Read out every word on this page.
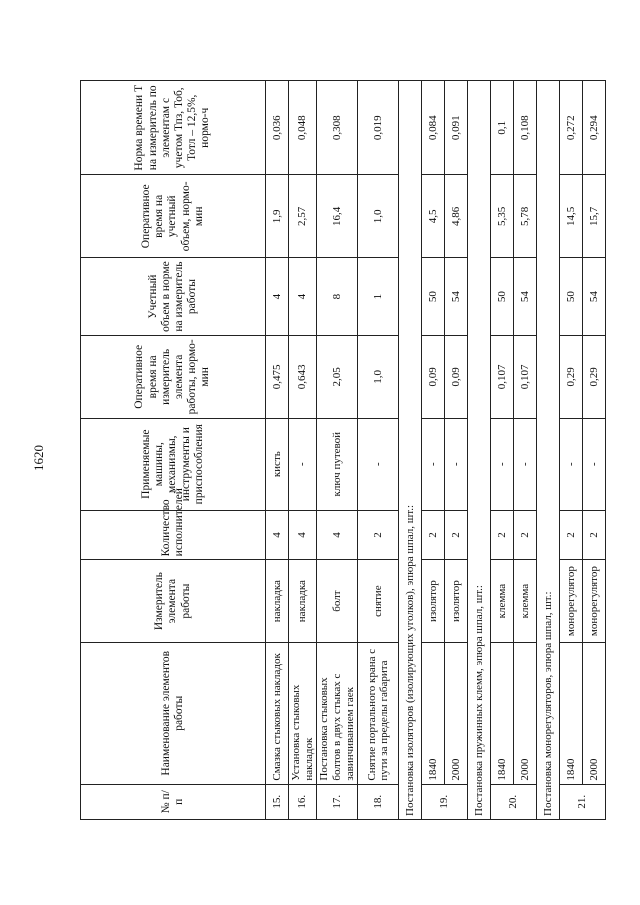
1620
№ п/п	Наименование элементов работы	Измеритель элемента работы	Количество исполнителей	Применяемые машины, механизмы, инструменты и приспособления	Оперативное время на измеритель элемента работы, нормо-мин	Учетный объем в норме на измеритель работы	Оперативное время на учетный объем, нормо-мин	Норма времени Т на измеритель по элементам с учетом Тпз, Тоб, Тотл – 12,5%, нормо-ч
15.	Смазка стыковых накладок	накладка	4	кисть	0,475	4	1,9	0,036
16.	Установка стыковых накладок	накладка	4	-	0,643	4	2,57	0,048
17.	Постановка стыковых болтов в двух стыках с завинчиванием гаек	болт	4	ключ путевой	2,05	8	16,4	0,308
18.	Снятие портального крана с пути за пределы габарита	снятие	2	-	1,0	1	1,0	0,019
Постановка изоляторов (изолирующих уголков), эпюра шпал, шт.:								
19.	1840	изолятор	2	-	0,09	50	4,5	0,084
	2000	изолятор	2	-	0,09	54	4,86	0,091
Постановка пружинных клемм, эпюра шпал, шт.:								
20.	1840	клемма	2	-	0,107	50	5,35	0,1
	2000	клемма	2	-	0,107	54	5,78	0,108
Постановка монорегуляторов, эпюра шпал, шт.:								
21.	1840	монорегулятор	2	-	0,29	50	14,5	0,272
	2000	монорегулятор	2	-	0,29	54	15,7	0,294
